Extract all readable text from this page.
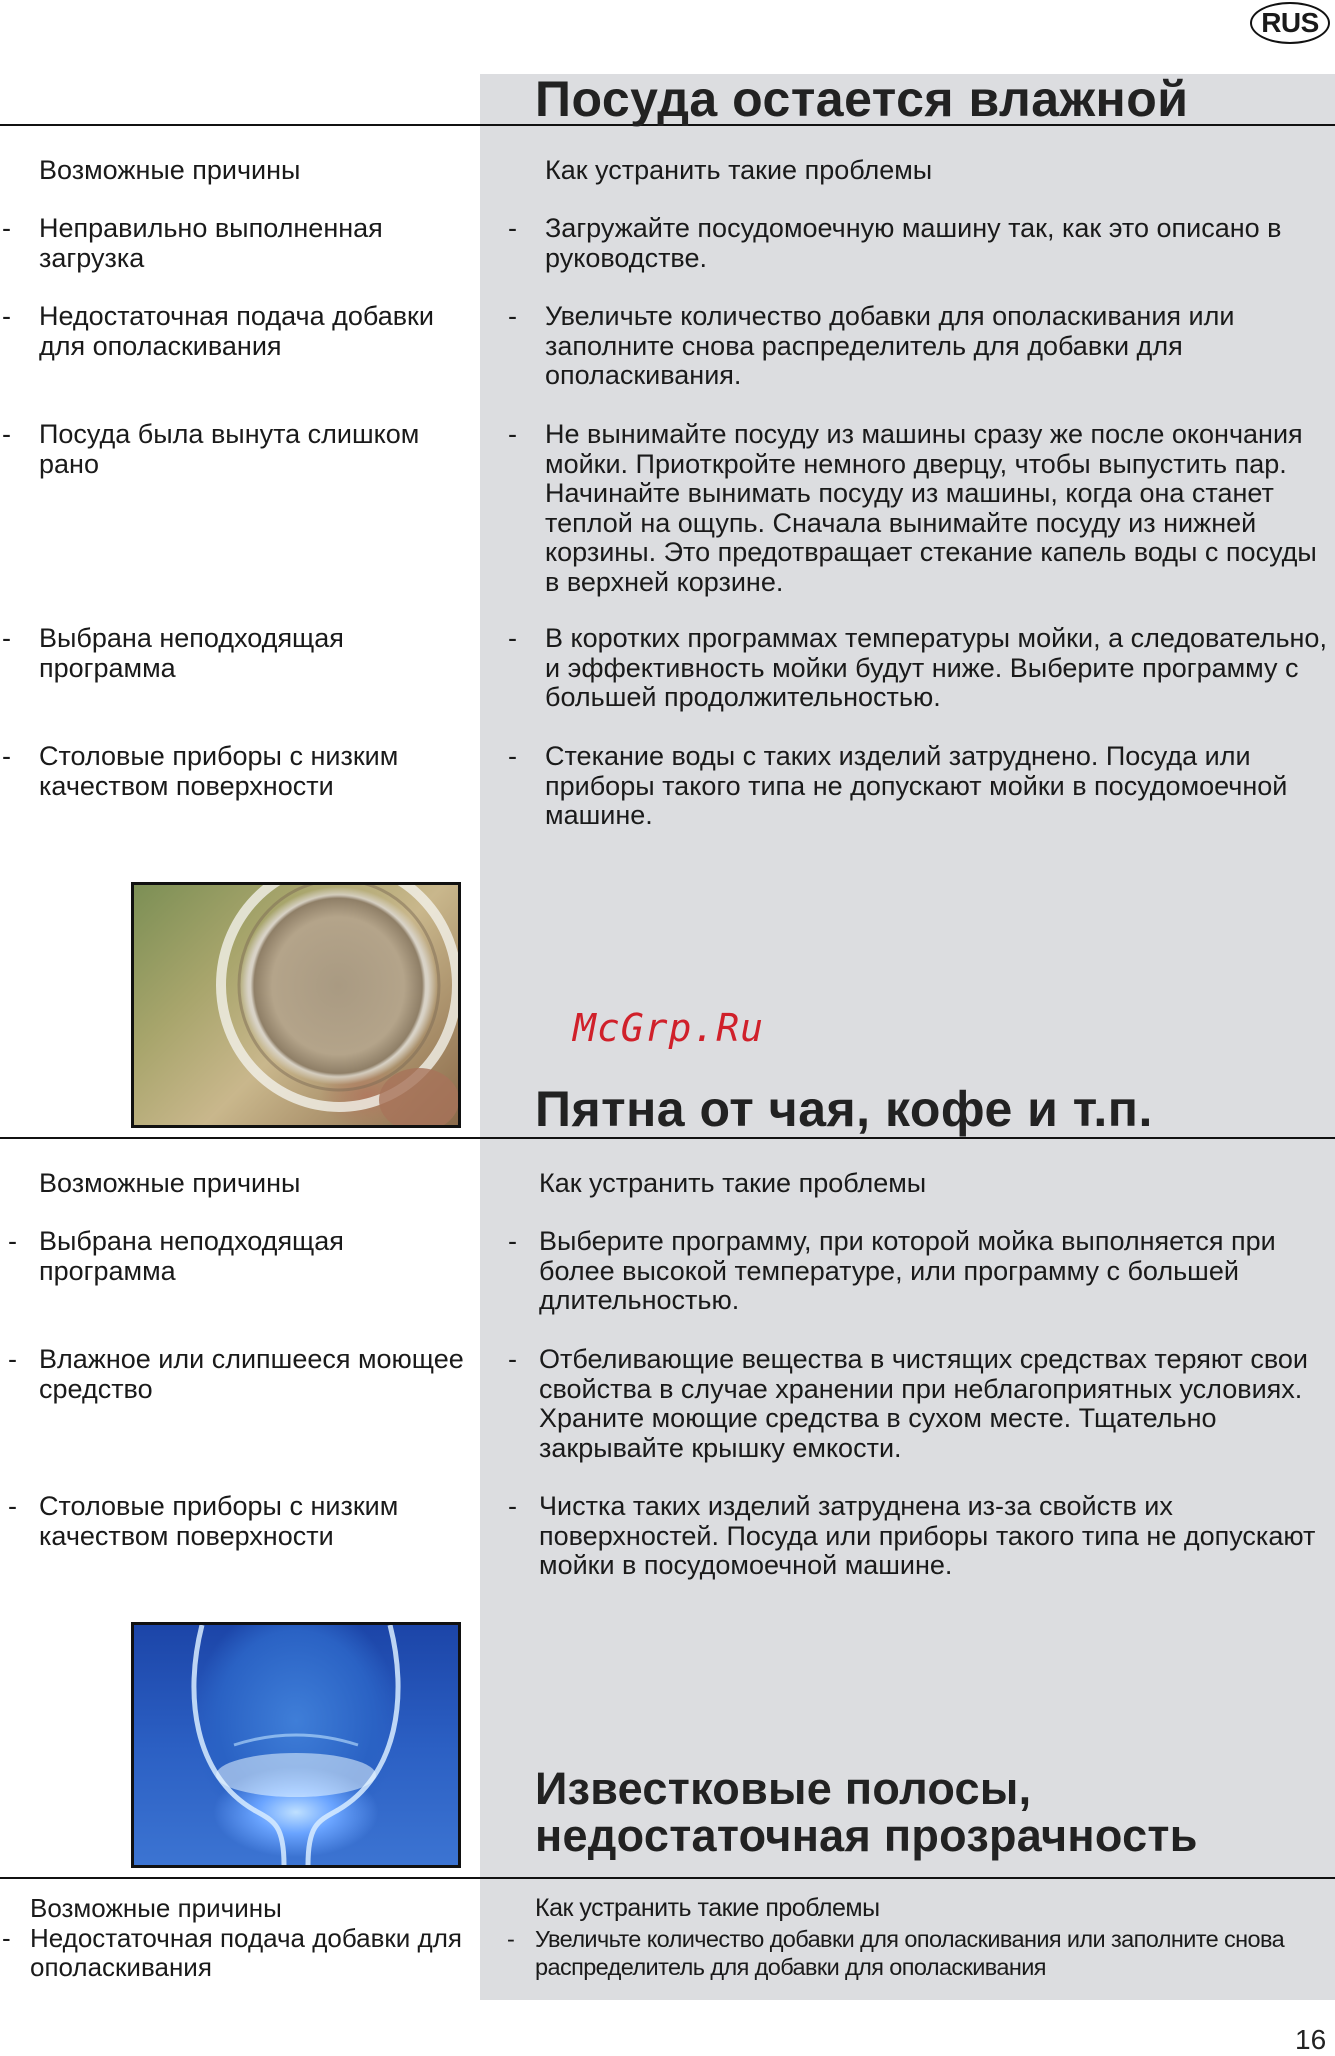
RUS
Посуда остается влажной
Возможные причины	Как устранить такие проблемы
- Неправильно выполненная загрузка
- Загружайте посудомоечную машину так, как это описано в руководстве.
- Недостаточная подача добавки для ополаскивания
- Увеличьте количество добавки для ополаскивания или заполните снова распределитель для добавки для ополаскивания.
- Посуда была вынута слишком рано
- Не вынимайте посуду из машины сразу же после окончания мойки. Приоткройте немного дверцу, чтобы выпустить пар. Начинайте вынимать посуду из машины, когда она станет теплой на ощупь. Сначала вынимайте посуду из нижней корзины. Это предотвращает стекание капель воды с посуды в верхней корзине.
- Выбрана неподходящая программа
- В коротких программах температуры мойки, а следовательно, и эффективность мойки будут ниже. Выберите программу с большей продолжительностью.
- Столовые приборы с низким качеством поверхности
- Стекание воды с таких изделий затруднено. Посуда или приборы такого типа не допускают мойки в посудомоечной машине.
McGrp.Ru
Пятна от чая, кофе и т.п.
Возможные причины	Как устранить такие проблемы
- Выбрана неподходящая программа
- Выберите программу, при которой мойка выполняется при более высокой температуре, или программу с большей длительностью.
- Влажное или слипшееся моющее средство
- Отбеливающие вещества в чистящих средствах теряют свои свойства в случае хранении при неблагоприятных условиях. Храните моющие средства в сухом месте. Тщательно закрывайте крышку емкости.
- Столовые приборы с низким качеством поверхности
- Чистка таких изделий затруднена из-за свойств их поверхностей. Посуда или приборы такого типа не допускают мойки в посудомоечной машине.
Известковые полосы,
недостаточная прозрачность
Возможные причины	Как устранить такие проблемы
- Недостаточная подача добавки для ополаскивания
- Увеличьте количество добавки для ополаскивания или заполните снова распределитель для добавки для ополаскивания
16
